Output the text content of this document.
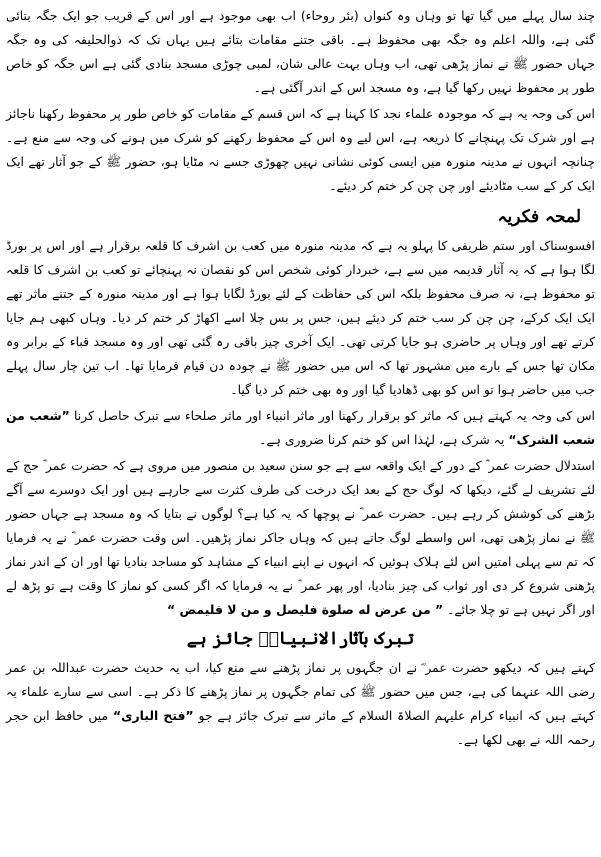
چند سال پہلے میں گیا تھا تو وہاں وہ کنواں (بئر روحاء) اب بھی موجود ہے اور اس کے قریب جو ایک جگہ بتائی گئی ہے، واللہ اعلم وہ جگہ بھی محفوظ ہے۔ باقی جتنے مقامات بتائے ہیں یہاں تک کہ ذوالحلیفہ کی وہ جگہ جہاں حضور ﷺ نے نماز پڑھی تھی، اب وہاں بہت عالی شان، لمبی چوڑی مسجد بنادی گئی ہے اس جگہ کو خاص طور پر محفوظ نہیں رکھا گیا ہے، وہ مسجد اس کے اندر آگئی ہے۔

اس کی وجہ یہ ہے کہ موجودہ علماء نجد کا کہنا ہے کہ اس قسم کے مقامات کو خاص طور پر محفوظ رکھنا ناجائز ہے اور شرک تک پہنچانے کا ذریعہ ہے، اس لیے وہ اس کے محفوظ رکھنے کو شرک میں ہونے کی وجہ سے منع ہے۔ چنانچہ انہوں نے مدینہ منورہ میں ایسی کوئی نشانی نہیں چھوڑی جسے نہ مٹایا ہو، حضور ﷺ کے جو آثار تھے ایک ایک کر کے سب مٹادیئے اور چن چن کر ختم کر دیئے۔

لمحہ فکریہ

افسوسناک اور ستم ظریفی کا پہلو یہ ہے کہ مدینہ منورہ میں کعب بن اشرف کا قلعہ برقرار ہے اور اس پر بورڈ لگا ہوا ہے کہ یہ آثار قدیمہ میں سے ہے، خبردار کوئی شخص اس کو نقصان نہ پہنچائے تو کعب بن اشرف کا قلعہ تو محفوظ ہے، نہ صرف محفوظ بلکہ اس کی حفاظت کے لئے بورڈ لگایا ہوا ہے اور مدینہ منورہ کے جتنے ماثر تھے ایک ایک کرکے، چن چن کر سب ختم کر دیئے ہیں، جس پر بس چلا اسے اکھاڑ کر ختم کر دیا۔ وہاں کبھی ہم جایا کرتے تھے اور وہاں پر حاضری ہو جایا کرتی تھی۔ ایک آخری چیز باقی رہ گئی تھی اور وہ مسجد قباء کے برابر وہ مکان تھا جس کے بارے میں مشہور تھا کہ اس میں حضور ﷺ نے چودہ دن قیام فرمایا تھا۔ اب تین چار سال پہلے جب میں حاضر ہوا تو اس کو بھی ڈھادیا گیا اور وہ بھی ختم کر دیا گیا۔

اس کی وجہ یہ کہتے ہیں کہ ماثر کو برقرار رکھنا اور ماثر انبیاء اور ماثر صلحاء سے تبرک حاصل کرنا ”شعب من شعب الشرک“ یہ شرک ہے، لہٰذا اس کو ختم کرنا ضروری ہے۔

استدلال حضرت عمر ؓ کے دور کے ایک واقعہ سے ہے جو سنن سعید بن منصور میں مروی ہے کہ حضرت عمر ؓ حج کے لئے تشریف لے گئے، دیکھا کہ لوگ حج کے بعد ایک درخت کی طرف کثرت سے جارہے ہیں اور ایک دوسرے سے آگے بڑھنے کی کوشش کر رہے ہیں۔ حضرت عمر ؓ نے پوچھا کہ یہ کیا ہے؟ لوگوں نے بتایا کہ وہ مسجد ہے جہاں حضور ﷺ نے نماز پڑھی تھی، اس واسطے لوگ جاتے ہیں کہ وہاں جاکر نماز پڑھیں۔ اس وقت حضرت عمر ؓ نے یہ فرمایا کہ تم سے پہلی امتیں اس لئے ہلاک ہوئیں کہ انہوں نے اپنے انبیاء کے مشاہد کو مساجد بنادیا تھا اور ان کے اندر نماز پڑھنی شروع کر دی اور ثواب کی چیز بنادیا، اور پھر عمر ؓ نے یہ فرمایا کہ اگر کسی کو نماز کا وقت ہے تو پڑھ لے اور اگر نہیں ہے تو چلا جائے۔ ” من عرض له صلوة فليصل و من لا فليمض “

تبرک بآثارالانبیاءؑ جائز ہے

کہتے ہیں کہ دیکھو حضرت عمر ؓ نے ان جگہوں پر نماز پڑھنے سے منع کیا، اب یہ حدیث حضرت عبداللہ بن عمر رضی اللہ عنہما کی ہے، جس میں حضور ﷺ کی تمام جگہوں پر نماز پڑھنے کا ذکر ہے۔ اسی سے سارے علماء یہ کہتے ہیں کہ انبیاء کرام علیہم الصلاۃ السلام کے ماثر سے تبرک جائز ہے جو ”فتح الباری“ میں حافظ ابن حجر رحمہ اللہ نے بھی لکھا ہے۔
